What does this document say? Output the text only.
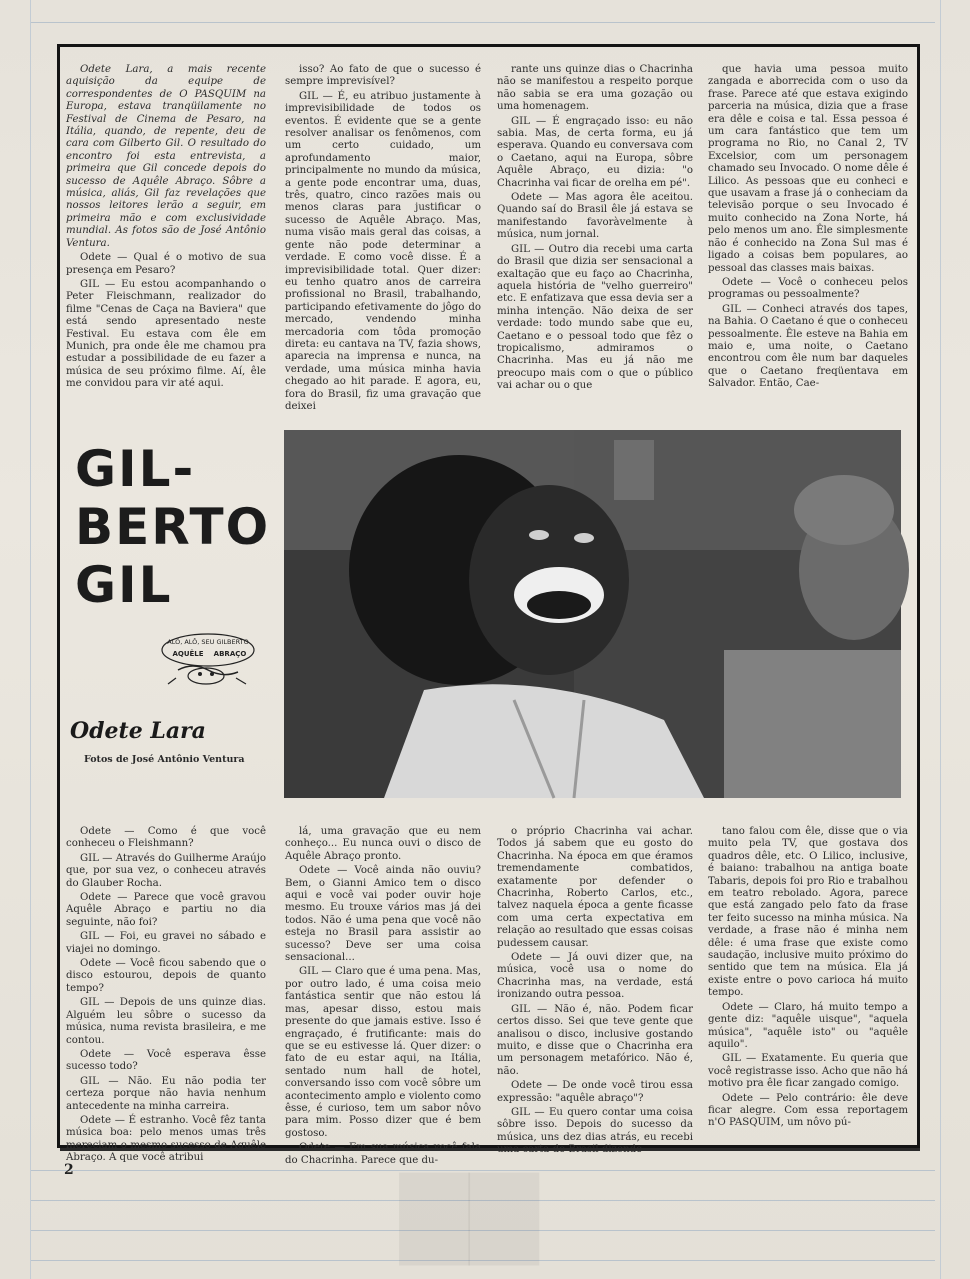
▇▇

Odete Lara, a mais recente aquisição da equipe de correspondentes de O PASQUIM na Europa, estava tranqüilamente no Festival de Cinema de Pesaro, na Itália, quando, de repente, deu de cara com Gilberto Gil. O resultado do encontro foi esta entrevista, a primeira que Gil concede depois do sucesso de Aquêle Abraço. Sôbre a música, aliás, Gil faz revelações que nossos leitores lerão a seguir, em primeira mão e com exclusividade mundial. As fotos são de José Antônio Ventura.

Odete — Qual é o motivo de sua presença em Pesaro?

GIL — Eu estou acompanhando o Peter Fleischmann, realizador do filme "Cenas de Caça na Baviera" que está sendo apresentado neste Festival. Eu estava com êle em Munich, pra onde êle me chamou pra estudar a possibilidade de eu fazer a música de seu próximo filme. Aí, êle me convidou para vir até aqui.

isso? Ao fato de que o sucesso é sempre imprevisível?

GIL — É, eu atribuo justamente à imprevisibilidade de todos os eventos. É evidente que se a gente resolver analisar os fenômenos, com um certo cuidado, um aprofundamento maior, principalmente no mundo da música, a gente pode encontrar uma, duas, três, quatro, cinco razões mais ou menos claras para justificar o sucesso de Aquêle Abraço. Mas, numa visão mais geral das coisas, a gente não pode determinar a verdade. E como você disse. É a imprevisibilidade total. Quer dizer: eu tenho quatro anos de carreira profissional no Brasil, trabalhando, participando efetivamente do jôgo do mercado, vendendo minha mercadoria com tôda promoção direta: eu cantava na TV, fazia shows, aparecia na imprensa e nunca, na verdade, uma música minha havia chegado ao hit parade. E agora, eu, fora do Brasil, fiz uma gravação que deixei

rante uns quinze dias o Chacrinha não se manifestou a respeito porque não sabia se era uma gozação ou uma homenagem.

GIL — É engraçado isso: eu não sabia. Mas, de certa forma, eu já esperava. Quando eu conversava com o Caetano, aqui na Europa, sôbre Aquêle Abraço, eu dizia: "o Chacrinha vai ficar de orelha em pé".

Odete — Mas agora êle aceitou. Quando saí do Brasil êle já estava se manifestando favoràvelmente à música, num jornal.

GIL — Outro dia recebi uma carta do Brasil que dizia ser sensacional a exaltação que eu faço ao Chacrinha, aquela história de "velho guerreiro" etc. E enfatizava que essa devia ser a minha intenção. Não deixa de ser verdade: todo mundo sabe que eu, Caetano e o pessoal todo que fêz o tropicalismo, admiramos o Chacrinha. Mas eu já não me preocupo mais com o que o público vai achar ou o que

que havia uma pessoa muito zangada e aborrecida com o uso da frase. Parece até que estava exigindo parceria na música, dizia que a frase era dêle e coisa e tal. Essa pessoa é um cara fantástico que tem um programa no Rio, no Canal 2, TV Excelsior, com um personagem chamado seu Invocado. O nome dêle é Lilico. As pessoas que eu conheci e que usavam a frase já o conheciam da televisão porque o seu Invocado é muito conhecido na Zona Norte, há pelo menos um ano. Êle simplesmente não é conhecido na Zona Sul mas é ligado a coisas bem populares, ao pessoal das classes mais baixas.

Odete — Você o conheceu pelos programas ou pessoalmente?

GIL — Conheci através dos tapes, na Bahia. O Caetano é que o conheceu pessoalmente. Êle esteve na Bahia em maio e, uma noite, o Caetano encontrou com êle num bar daqueles que o Caetano freqüentava em Salvador. Então, Cae-

GIL-
BERTO
GIL
ALÔ, ALÔ, SEU GILBERTO
AQUÊLE ABRAÇO
Odete Lara
Fotos de José Antônio Ventura

Odete — Como é que você conheceu o Fleishmann?

GIL — Através do Guilherme Araújo que, por sua vez, o conheceu através do Glauber Rocha.

Odete — Parece que você gravou Aquêle Abraço e partiu no dia seguinte, não foi?

GIL — Foi, eu gravei no sábado e viajei no domingo.

Odete — Você ficou sabendo que o disco estourou, depois de quanto tempo?

GIL — Depois de uns quinze dias. Alguém leu sôbre o sucesso da música, numa revista brasileira, e me contou.

Odete — Você esperava êsse sucesso todo?

GIL — Não. Eu não podia ter certeza porque não havia nenhum antecedente na minha carreira.

Odete — É estranho. Você fêz tanta música boa: pelo menos umas três mereciam o mesmo sucesso de Aquêle Abraço. A que você atribui

lá, uma gravação que eu nem conheço... Eu nunca ouvi o disco de Aquêle Abraço pronto.

Odete — Você ainda não ouviu? Bem, o Gianni Amico tem o disco aqui e você vai poder ouvir hoje mesmo. Eu trouxe vários mas já dei todos. Não é uma pena que você não esteja no Brasil para assistir ao sucesso? Deve ser uma coisa sensacional...

GIL — Claro que é uma pena. Mas, por outro lado, é uma coisa meio fantástica sentir que não estou lá mas, apesar disso, estou mais presente do que jamais estive. Isso é engraçado, é frutificante: mais do que se eu estivesse lá. Quer dizer: o fato de eu estar aqui, na Itália, sentado num hall de hotel, conversando isso com você sôbre um acontecimento amplo e violento como êsse, é curioso, tem um sabor nôvo para mim. Posso dizer que é bem gostoso.

Odete — Em sua música você fala do Chacrinha. Parece que du-

o próprio Chacrinha vai achar. Todos já sabem que eu gosto do Chacrinha. Na época em que éramos tremendamente combatidos, exatamente por defender o Chacrinha, Roberto Carlos, etc., talvez naquela época a gente ficasse com uma certa expectativa em relação ao resultado que essas coisas pudessem causar.

Odete — Já ouvi dizer que, na música, você usa o nome do Chacrinha mas, na verdade, está ironizando outra pessoa.

GIL — Não é, não. Podem ficar certos disso. Sei que teve gente que analisou o disco, inclusive gostando muito, e disse que o Chacrinha era um personagem metafórico. Não é, não.

Odete — De onde você tirou essa expressão: "aquêle abraço"?

GIL — Eu quero contar uma coisa sôbre isso. Depois do sucesso da música, uns dez dias atrás, eu recebi uma carta do Brasil dizendo

tano falou com êle, disse que o via muito pela TV, que gostava dos quadros dêle, etc. O Lilico, inclusive, é baiano: trabalhou na antiga boate Tabaris, depois foi pro Rio e trabalhou em teatro rebolado. Agora, parece que está zangado pelo fato da frase ter feito sucesso na minha música. Na verdade, a frase não é minha nem dêle: é uma frase que existe como saudação, inclusive muito próximo do sentido que tem na música. Ela já existe entre o povo carioca há muito tempo.

Odete — Claro, há muito tempo a gente diz: "aquêle uisque", "aquela música", "aquêle isto" ou "aquêle aquilo".

GIL — Exatamente. Eu queria que você registrasse isso. Acho que não há motivo pra êle ficar zangado comigo.

Odete — Pelo contrário: êle deve ficar alegre. Com essa reportagem n'O PASQUIM, um nôvo pú-

2
